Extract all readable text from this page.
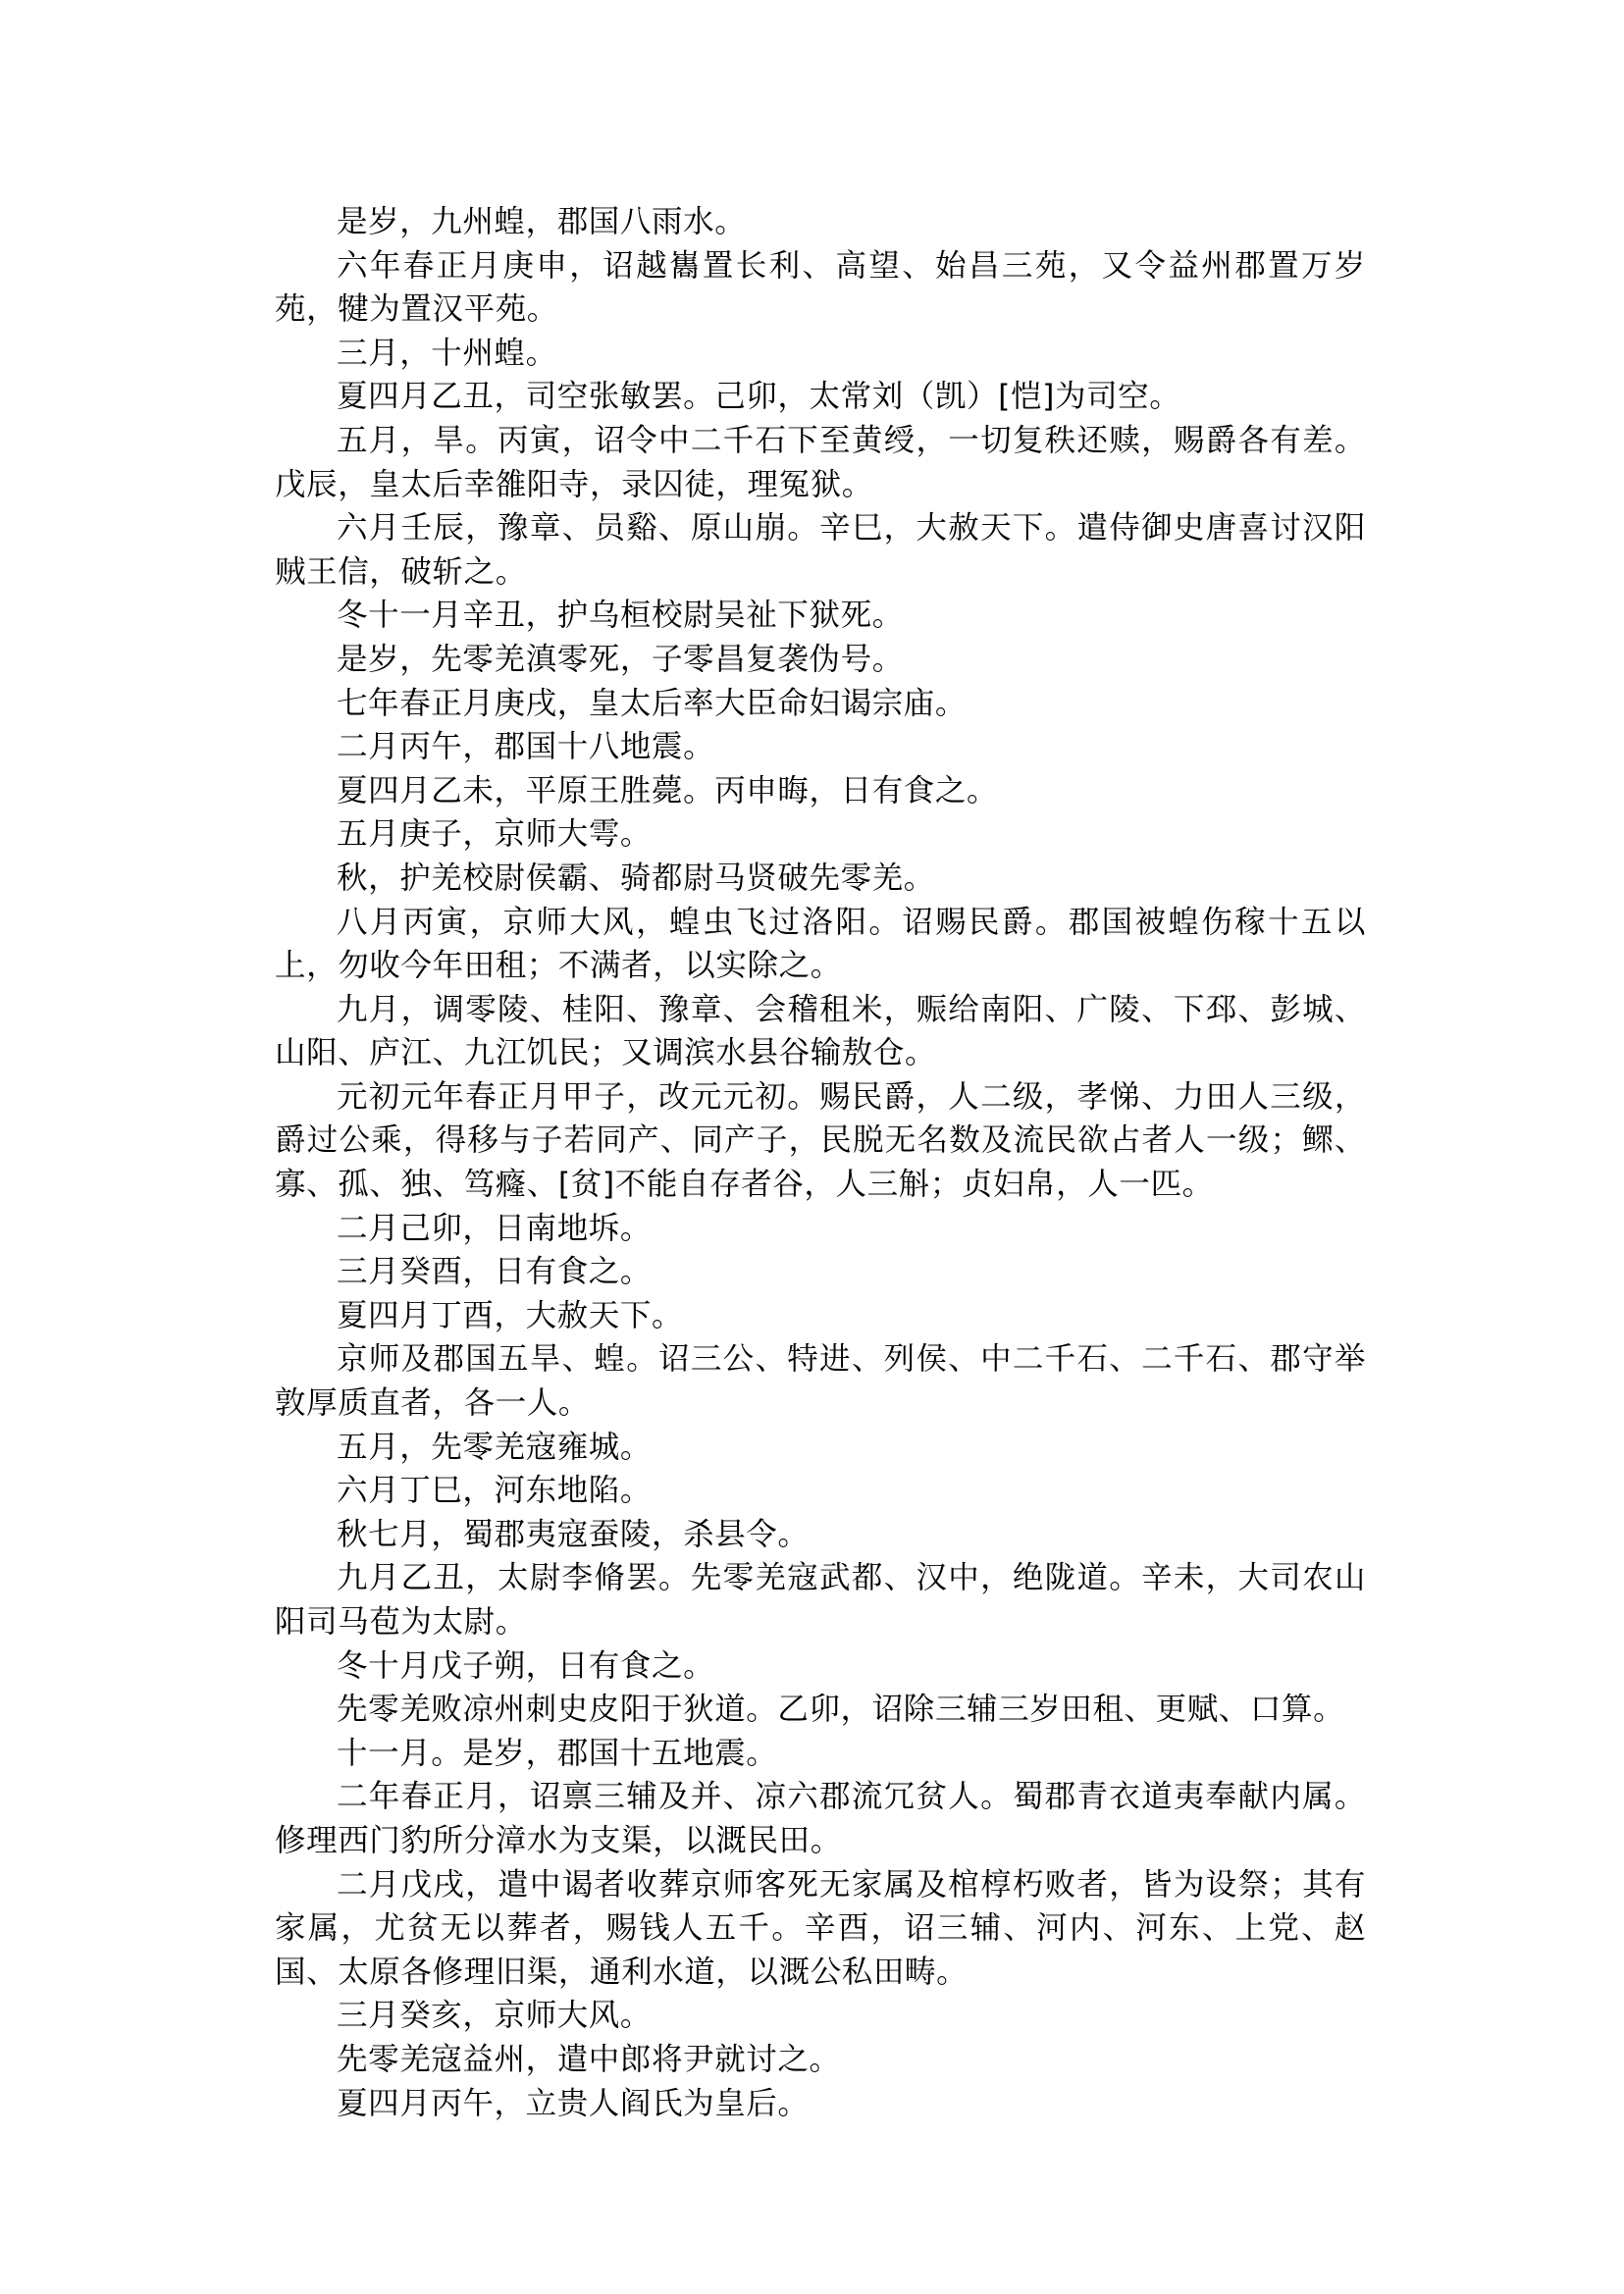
是岁，九州蝗，郡国八雨水。

六年春正月庚申，诏越巂置长利、高望、始昌三苑，又令益州郡置万岁苑，犍为置汉平苑。

三月，十州蝗。

夏四月乙丑，司空张敏罢。己卯，太常刘（凯）[恺]为司空。

五月，旱。丙寅，诏令中二千石下至黄绶，一切复秩还赎，赐爵各有差。戊辰，皇太后幸雒阳寺，录囚徒，理冤狱。

六月壬辰，豫章、员谿、原山崩。辛巳，大赦天下。遣侍御史唐喜讨汉阳贼王信，破斩之。

冬十一月辛丑，护乌桓校尉吴祉下狱死。

是岁，先零羌滇零死，子零昌复袭伪号。

七年春正月庚戌，皇太后率大臣命妇谒宗庙。

二月丙午，郡国十八地震。

夏四月乙未，平原王胜薨。丙申晦，日有食之。

五月庚子，京师大雩。

秋，护羌校尉侯霸、骑都尉马贤破先零羌。

八月丙寅，京师大风，蝗虫飞过洛阳。诏赐民爵。郡国被蝗伤稼十五以上，勿收今年田租；不满者，以实除之。

九月，调零陵、桂阳、豫章、会稽租米，赈给南阳、广陵、下邳、彭城、山阳、庐江、九江饥民；又调滨水县谷输敖仓。

元初元年春正月甲子，改元元初。赐民爵，人二级，孝悌、力田人三级，爵过公乘，得移与子若同产、同产子，民脱无名数及流民欲占者人一级；鳏、寡、孤、独、笃癃、[贫]不能自存者谷，人三斛；贞妇帛，人一匹。

二月己卯，日南地坼。

三月癸酉，日有食之。

夏四月丁酉，大赦天下。

京师及郡国五旱、蝗。诏三公、特进、列侯、中二千石、二千石、郡守举敦厚质直者，各一人。

五月，先零羌寇雍城。

六月丁巳，河东地陷。

秋七月，蜀郡夷寇蚕陵，杀县令。

九月乙丑，太尉李脩罢。先零羌寇武都、汉中，绝陇道。辛未，大司农山阳司马苞为太尉。

冬十月戊子朔，日有食之。

先零羌败凉州刺史皮阳于狄道。乙卯，诏除三辅三岁田租、更赋、口算。

十一月。是岁，郡国十五地震。

二年春正月，诏禀三辅及并、凉六郡流冗贫人。蜀郡青衣道夷奉献内属。修理西门豹所分漳水为支渠，以溉民田。

二月戊戌，遣中谒者收葬京师客死无家属及棺椁朽败者，皆为设祭；其有家属，尤贫无以葬者，赐钱人五千。辛酉，诏三辅、河内、河东、上党、赵国、太原各修理旧渠，通利水道，以溉公私田畴。

三月癸亥，京师大风。

先零羌寇益州，遣中郎将尹就讨之。

夏四月丙午，立贵人阎氏为皇后。
